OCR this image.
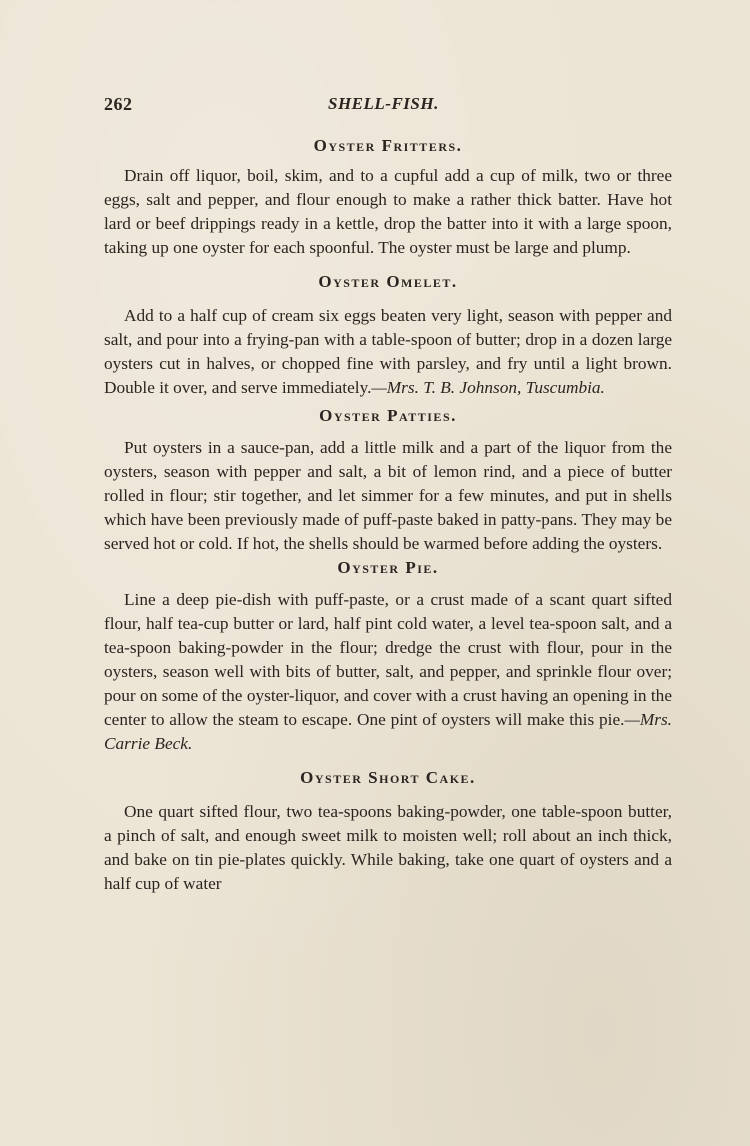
262	SHELL-FISH.
Oyster Fritters.

Drain off liquor, boil, skim, and to a cupful add a cup of milk, two or three eggs, salt and pepper, and flour enough to make a rather thick batter. Have hot lard or beef drippings ready in a kettle, drop the batter into it with a large spoon, taking up one oyster for each spoonful. The oyster must be large and plump.

Oyster Omelet.

Add to a half cup of cream six eggs beaten very light, season with pepper and salt, and pour into a frying-pan with a table-spoon of butter; drop in a dozen large oysters cut in halves, or chopped fine with parsley, and fry until a light brown. Double it over, and serve immediately.—Mrs. T. B. Johnson, Tuscumbia.

Oyster Patties.

Put oysters in a sauce-pan, add a little milk and a part of the liquor from the oysters, season with pepper and salt, a bit of lemon rind, and a piece of butter rolled in flour; stir together, and let simmer for a few minutes, and put in shells which have been previously made of puff-paste baked in patty-pans. They may be served hot or cold. If hot, the shells should be warmed before adding the oysters.

Oyster Pie.

Line a deep pie-dish with puff-paste, or a crust made of a scant quart sifted flour, half tea-cup butter or lard, half pint cold water, a level tea-spoon salt, and a tea-spoon baking-powder in the flour; dredge the crust with flour, pour in the oysters, season well with bits of butter, salt, and pepper, and sprinkle flour over; pour on some of the oyster-liquor, and cover with a crust having an opening in the center to allow the steam to escape. One pint of oysters will make this pie.—Mrs. Carrie Beck.

Oyster Short Cake.

One quart sifted flour, two tea-spoons baking-powder, one table-spoon butter, a pinch of salt, and enough sweet milk to moisten well; roll about an inch thick, and bake on tin pie-plates quickly. While baking, take one quart of oysters and a half cup of water
